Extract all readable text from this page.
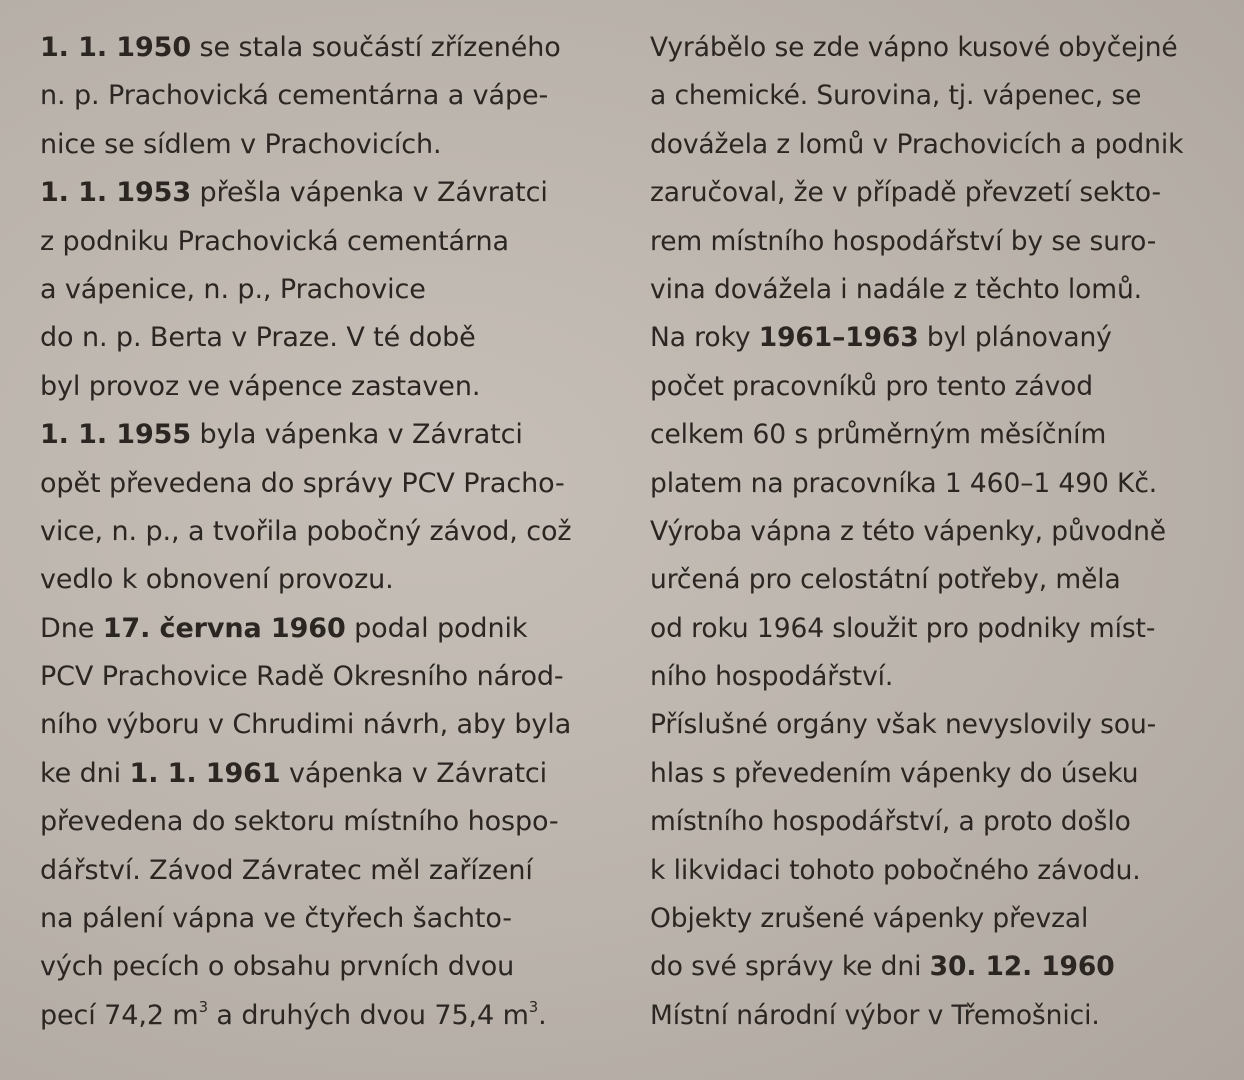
1. 1. 1950 se stala součástí zřízeného
n. p. Prachovická cementárna a vápe-
nice se sídlem v Prachovicích.
1. 1. 1953 přešla vápenka v Závratci
z podniku Prachovická cementárna
a vápenice, n. p., Prachovice
do n. p. Berta v Praze. V té době
byl provoz ve vápence zastaven.
1. 1. 1955 byla vápenka v Závratci
opět převedena do správy PCV Pracho-
vice, n. p., a tvořila pobočný závod, což
vedlo k obnovení provozu.
Dne 17. června 1960 podal podnik
PCV Prachovice Radě Okresního národ-
ního výboru v Chrudimi návrh, aby byla
ke dni 1. 1. 1961 vápenka v Závratci
převedena do sektoru místního hospo-
dářství. Závod Závratec měl zařízení
na pálení vápna ve čtyřech šachto-
vých pecích o obsahu prvních dvou
pecí 74,2 $m^3$ a druhých dvou 75,4 $m^3$.
Vyrábělo se zde vápno kusové obyčejné
a chemické. Surovina, tj. vápenec, se
dovážela z lomů v Prachovicích a podnik
zaručoval, že v případě převzetí sekto-
rem místního hospodářství by se suro-
vina dovážela i nadále z těchto lomů.
Na roky 1961–1963 byl plánovaný
počet pracovníků pro tento závod
celkem 60 s průměrným měsíčním
platem na pracovníka 1 460–1 490 Kč.
Výroba vápna z této vápenky, původně
určená pro celostátní potřeby, měla
od roku 1964 sloužit pro podniky míst-
ního hospodářství.
Příslušné orgány však nevyslovily sou-
hlas s převedením vápenky do úseku
místního hospodářství, a proto došlo
k likvidaci tohoto pobočného závodu.
Objekty zrušené vápenky převzal
do své správy ke dni 30. 12. 1960
Místní národní výbor v Třemošnici.
